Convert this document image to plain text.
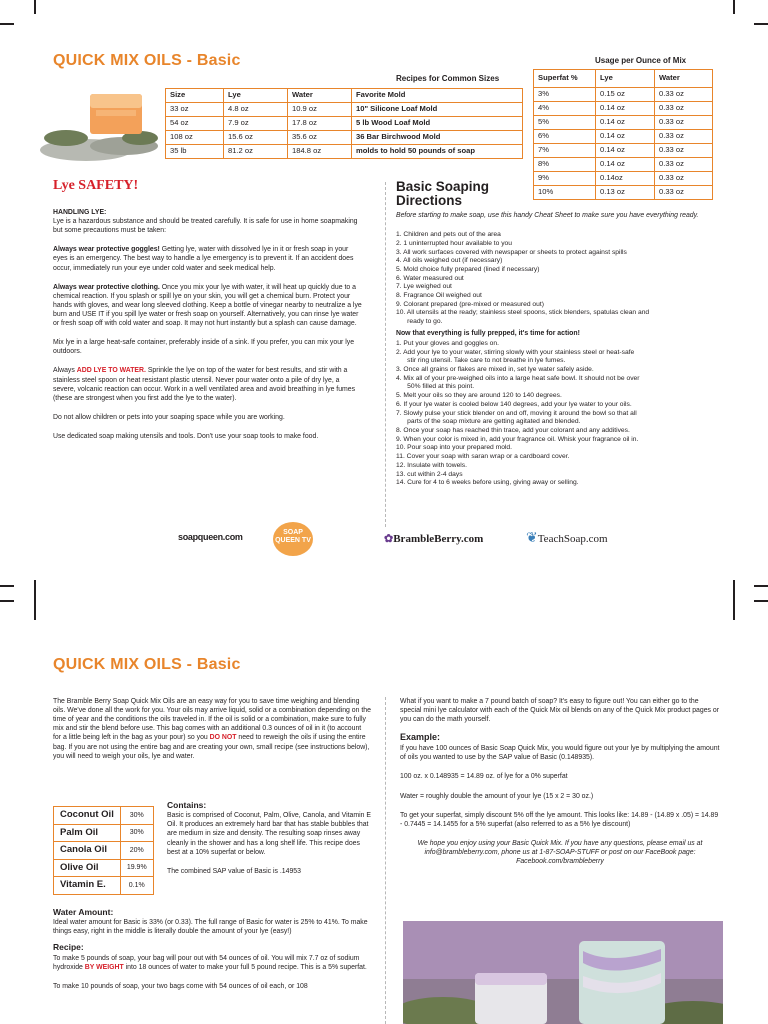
QUICK MIX OILS - Basic
Recipes for Common Sizes
Size	Lye	Water	Favorite Mold
33 oz	4.8 oz	10.9 oz	10" Silicone Loaf Mold
54 oz	7.9 oz	17.8 oz	5 lb Wood Loaf Mold
108 oz	15.6 oz	35.6 oz	36 Bar Birchwood Mold
35 lb	81.2 oz	184.8 oz	molds to hold 50 pounds of soap
Usage per Ounce of Mix
Superfat %	Lye	Water
3%	0.15 oz	0.33 oz
4%	0.14 oz	0.33 oz
5%	0.14 oz	0.33 oz
6%	0.14 oz	0.33 oz
7%	0.14 oz	0.33 oz
8%	0.14 oz	0.33 oz
9%	0.14oz	0.33 oz
10%	0.13 oz	0.33 oz
Lye SAFETY!

HANDLING LYE:
Lye is a hazardous substance and should be treated carefully. It is safe for use in home soapmaking but some precautions must be taken:

Always wear protective goggles! Getting lye, water with dissolved lye in it or fresh soap in your eyes is an emergency. The best way to handle a lye emergency is to prevent it. If an accident does occur, immediately run your eye under cold water and seek medical help.

Always wear protective clothing. Once you mix your lye with water, it will heat up quickly due to a chemical reaction. If you splash or spill lye on your skin, you will get a chemical burn. Protect your hands with gloves, and wear long sleeved clothing. Keep a bottle of vinegar nearby to neutralize a lye burn and USE IT if you spill lye water or fresh soap on yourself. Alternatively, you can rinse lye water or fresh soap off with cold water and soap. It may not hurt instantly but a splash can cause damage.

Mix lye in a large heat-safe container, preferably inside of a sink. If you prefer, you can mix your lye outdoors.

Always ADD LYE TO WATER. Sprinkle the lye on top of the water for best results, and stir with a stainless steel spoon or heat resistant plastic utensil. Never pour water onto a pile of dry lye, a severe, volcanic reaction can occur. Work in a well ventilated area and avoid breathing in lye fumes (these are strongest when you first add the lye to the water).

Do not allow children or pets into your soaping space while you are working.

Use dedicated soap making utensils and tools. Don't use your soap tools to make food.

Basic Soaping
Directions

Before starting to make soap, use this handy Cheat Sheet to make sure you have everything ready.

1. Children and pets out of the area
2. 1 uninterrupted hour available to you
3. All work surfaces covered with newspaper or sheets to protect against spills
4. All oils weighed out (if necessary)
5. Mold choice fully prepared (lined if necessary)
6. Water measured out
7. Lye weighed out
8. Fragrance Oil weighed out
9. Colorant prepared (pre-mixed or measured out)
10. All utensils at the ready; stainless steel spoons, stick blenders, spatulas clean and
ready to go.

Now that everything is fully prepped, it's time for action!

1. Put your gloves and goggles on.
2. Add your lye to your water, stirring slowly with your stainless steel or heat-safe
stir ring utensil. Take care to not breathe in lye fumes.
3. Once all grains or flakes are mixed in, set lye water safely aside.
4. Mix all of your pre-weighed oils into a large heat safe bowl. It should not be over
50% filled at this point.
5. Melt your oils so they are around 120 to 140 degrees.
6. If your lye water is cooled below 140 degrees, add your lye water to your oils.
7. Slowly pulse your stick blender on and off, moving it around the bowl so that all
parts of the soap mixture are getting agitated and blended.
8. Once your soap has reached thin trace, add your colorant and any additives.
9. When your color is mixed in, add your fragrance oil. Whisk your fragrance oil in.
10. Pour soap into your prepared mold.
11. Cover your soap with saran wrap or a cardboard cover.
12. Insulate with towels.
13. cut within 2-4 days
14. Cure for 4 to 6 weeks before using, giving away or selling.
soapqueen.com	SOAP QUEEN TV	✿BrambleBerry.com	❦TeachSoap.com
QUICK MIX OILS - Basic

The Bramble Berry Soap Quick Mix Oils are an easy way for you to save time weighing and blending oils. We've done all the work for you. Your oils may arrive liquid, solid or a combination depending on the time of year and the conditions the oils traveled in. If the oil is solid or a combination, make sure to fully mix and stir the blend before use. This bag comes with an additional 0.3 ounces of oil in it (to account for a little being left in the bag as your pour) so you DO NOT need to reweigh the oils if using the entire bag. If you are not using the entire bag and are creating your own, small recipe (see instructions below), you will need to weigh your oils, lye and water.

Coconut Oil	30%
Palm Oil	30%
Canola Oil	20%
Olive Oil	19.9%
Vitamin E.	0.1%
Contains:

Basic is comprised of Coconut, Palm, Olive, Canola, and Vitamin E Oil. It produces an extremely hard bar that has stable bubbles that are medium in size and density. The resulting soap rinses away cleanly in the shower and has a long shelf life. This recipe does best at a 10% superfat or below.

The combined SAP value of Basic is .14953

Water Amount:

Ideal water amount for Basic is 33% (or 0.33). The full range of Basic for water is 25% to 41%. To make things easy, right in the middle is literally double the amount of your lye (easy!)

Recipe:

To make 5 pounds of soap, your bag will pour out with 54 ounces of oil. You will mix 7.7 oz of sodium hydroxide BY WEIGHT into 18 ounces of water to make your full 5 pound recipe. This is a 5% superfat.

To make 10 pounds of soap, your two bags come with 54 ounces of oil each, or 108

What if you want to make a 7 pound batch of soap? It's easy to figure out! You can either go to the special mini lye calculator with each of the Quick Mix oil blends on any of the Quick Mix product pages or you can do the math yourself.

Example:

If you have 100 ounces of Basic Soap Quick Mix, you would figure out your lye by multiplying the amount of oils you wanted to use by the SAP value of Basic (0.148935).

100 oz. x 0.148935 = 14.89 oz. of lye for a 0% superfat

Water = roughly double the amount of your lye (15 x 2 = 30 oz.)

To get your superfat, simply discount 5% off the lye amount. This looks like: 14.89 - (14.89 x .05) = 14.89 - 0.7445 = 14.1455 for a 5% superfat (also referred to as a 5% lye discount)

We hope you enjoy using your Basic Quick Mix. If you have any questions, please email us at info@brambleberry.com, phone us at 1-87-SOAP-STUFF or post on our FaceBook page: Facebook.com/brambleberry
